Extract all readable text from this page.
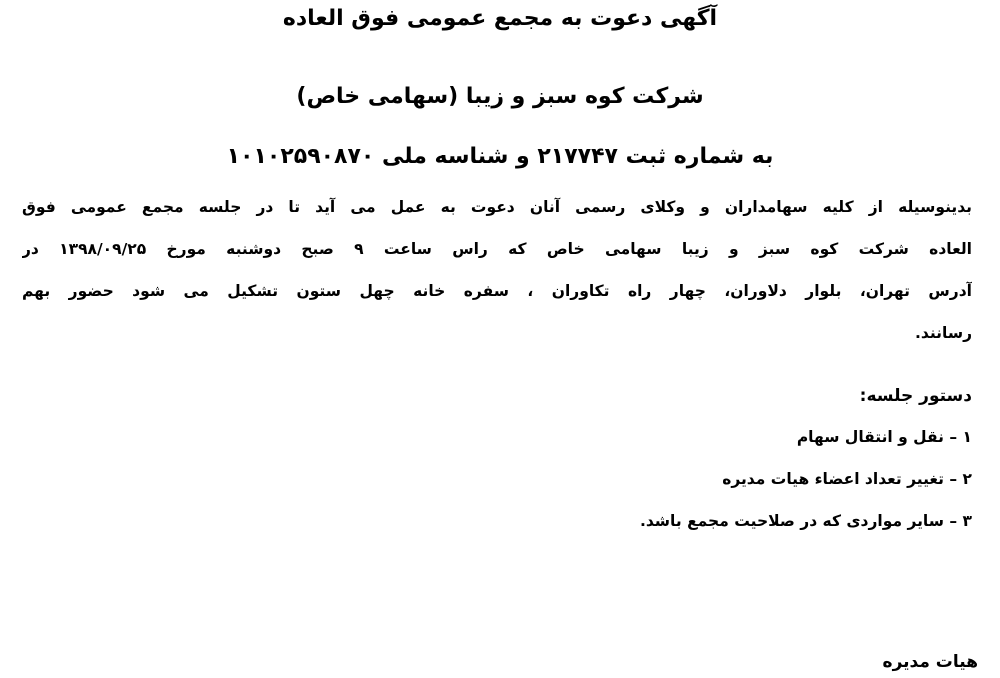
آگهی دعوت به مجمع عمومی فوق العاده
شرکت کوه سبز و زیبا (سهامی خاص)
به شماره ثبت ۲۱۷۷۴۷ و شناسه ملی ۱۰۱۰۲۵۹۰۸۷۰
بدینوسیله از کلیه سهامداران و وکلای رسمی آنان دعوت به عمل می آید تا در جلسه مجمع عمومی فوق
العاده شرکت کوه سبز و زیبا سهامی خاص که راس ساعت ۹ صبح دوشنبه مورخ ۱۳۹۸/۰۹/۲۵ در
آدرس تهران، بلوار دلاوران، چهار راه تکاوران ، سفره خانه چهل ستون تشکیل می شود حضور بهم
رسانند.
دستور جلسه:
۱ – نقل و انتقال سهام
۲ – تغییر تعداد اعضاء هیات مدیره
۳ – سایر مواردی که در صلاحیت مجمع باشد.
هیات مدیره
